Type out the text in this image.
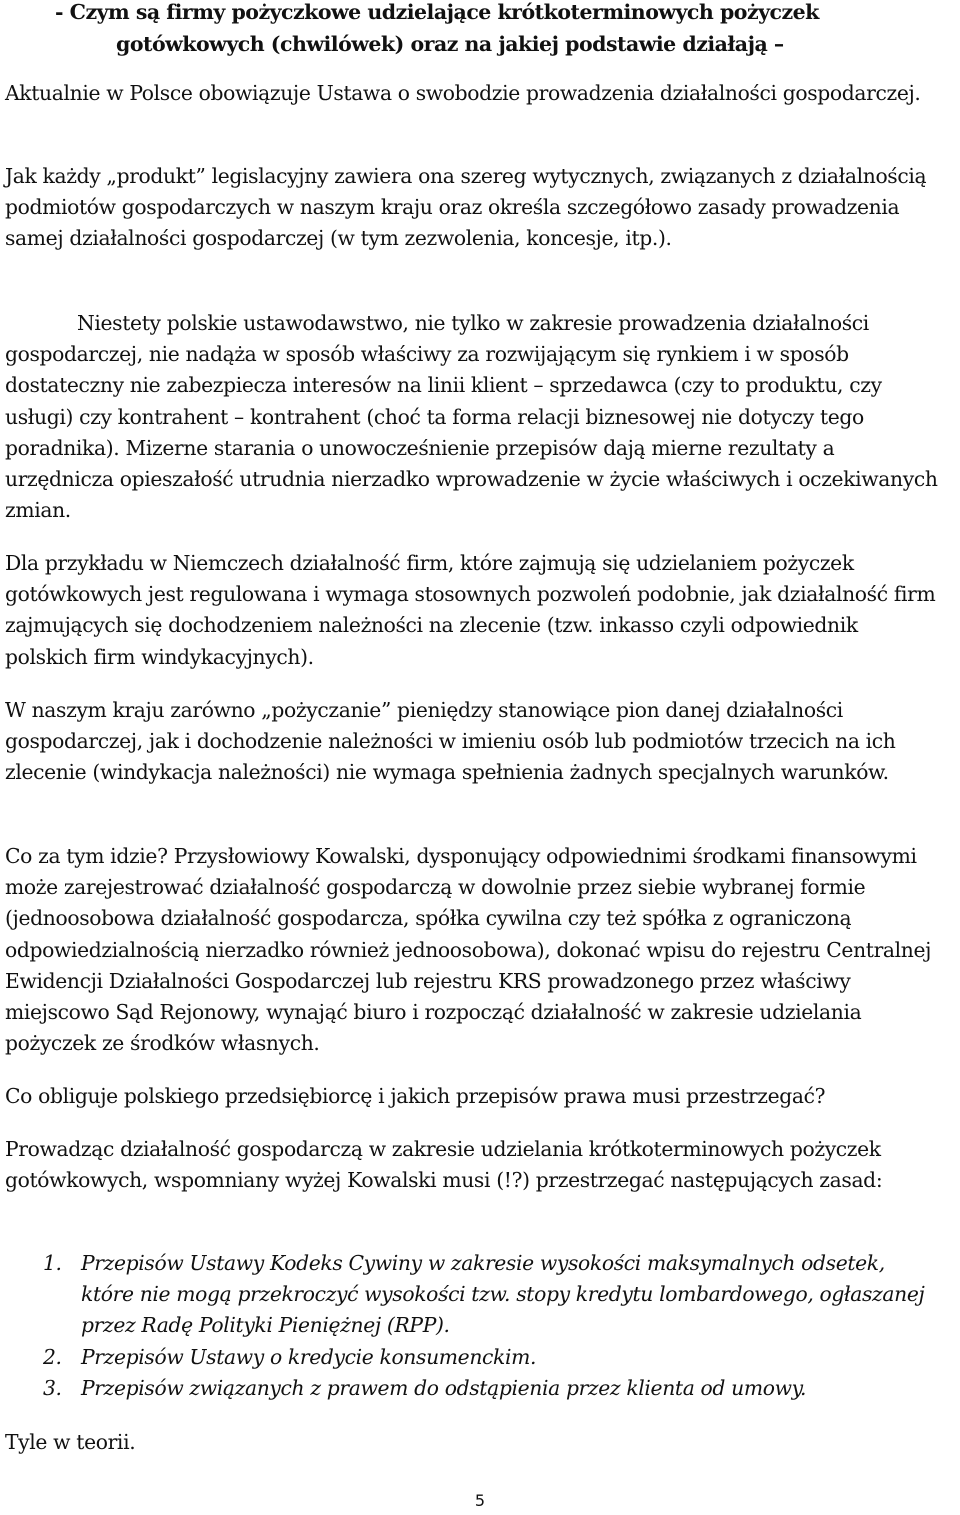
- Czym są firmy pożyczkowe udzielające krótkoterminowych pożyczek
gotówkowych (chwilówek) oraz na jakiej podstawie działają –

Aktualnie w Polsce obowiązuje Ustawa o swobodzie prowadzenia działalności gospodarczej.

Jak każdy „produkt” legislacyjny zawiera ona szereg wytycznych, związanych z działalnością podmiotów gospodarczych w naszym kraju oraz określa szczegółowo zasady prowadzenia samej działalności gospodarczej (w tym zezwolenia, koncesje, itp.).

Niestety polskie ustawodawstwo, nie tylko w zakresie prowadzenia działalności gospodarczej, nie nadąża w sposób właściwy za rozwijającym się rynkiem i w sposób dostateczny nie zabezpiecza interesów na linii klient – sprzedawca (czy to produktu, czy usługi) czy kontrahent – kontrahent (choć ta forma relacji biznesowej nie dotyczy tego poradnika). Mizerne starania o unowocześnienie przepisów dają mierne rezultaty a urzędnicza opieszałość utrudnia nierzadko wprowadzenie w życie właściwych i oczekiwanych zmian.

Dla przykładu w Niemczech działalność firm, które zajmują się udzielaniem pożyczek gotówkowych jest regulowana i wymaga stosownych pozwoleń podobnie, jak działalność firm zajmujących się dochodzeniem należności na zlecenie (tzw. inkasso czyli odpowiednik polskich firm windykacyjnych).

W naszym kraju zarówno „pożyczanie” pieniędzy stanowiące pion danej działalności gospodarczej, jak i dochodzenie należności w imieniu osób lub podmiotów trzecich na ich zlecenie (windykacja należności) nie wymaga spełnienia żadnych specjalnych warunków.

Co za tym idzie? Przysłowiowy Kowalski, dysponujący odpowiednimi środkami finansowymi może zarejestrować działalność gospodarczą w dowolnie przez siebie wybranej formie (jednoosobowa działalność gospodarcza, spółka cywilna czy też spółka z ograniczoną odpowiedzialnością nierzadko również jednoosobowa), dokonać wpisu do rejestru Centralnej Ewidencji Działalności Gospodarczej lub rejestru KRS prowadzonego przez właściwy miejscowo Sąd Rejonowy, wynająć biuro i rozpocząć działalność w zakresie udzielania pożyczek ze środków własnych.

Co obliguje polskiego przedsiębiorcę i jakich przepisów prawa musi przestrzegać?

Prowadząc działalność gospodarczą w zakresie udzielania krótkoterminowych pożyczek gotówkowych, wspomniany wyżej Kowalski musi (!?) przestrzegać następujących zasad:

1. Przepisów Ustawy Kodeks Cywiny w zakresie wysokości maksymalnych odsetek, które nie mogą przekroczyć wysokości tzw. stopy kredytu lombardowego, ogłaszanej przez Radę Polityki Pieniężnej (RPP).
2. Przepisów Ustawy o kredycie konsumenckim.
3. Przepisów związanych z prawem do odstąpienia przez klienta od umowy.

Tyle w teorii.

5
